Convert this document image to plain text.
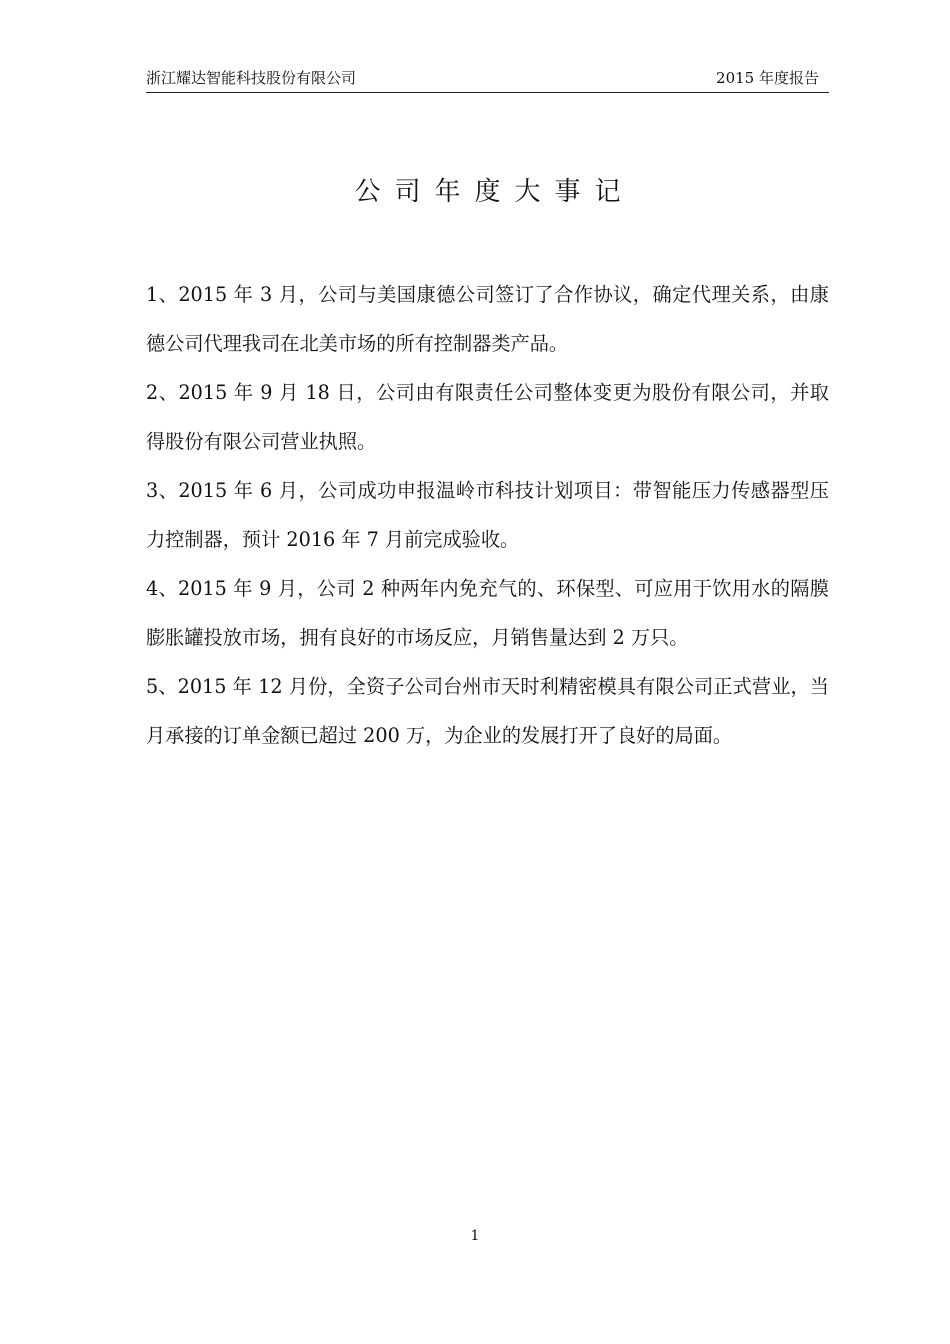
浙江耀达智能科技股份有限公司	2015 年度报告
公司年度大事记

1、2015 年 3 月，公司与美国康德公司签订了合作协议，确定代理关系，由康德公司代理我司在北美市场的所有控制器类产品。

2、2015 年 9 月 18 日，公司由有限责任公司整体变更为股份有限公司，并取得股份有限公司营业执照。

3、2015 年 6 月，公司成功申报温岭市科技计划项目：带智能压力传感器型压力控制器，预计 2016 年 7 月前完成验收。

4、2015 年 9 月，公司 2 种两年内免充气的、环保型、可应用于饮用水的隔膜膨胀罐投放市场，拥有良好的市场反应，月销售量达到 2 万只。

5、2015 年 12 月份，全资子公司台州市天时利精密模具有限公司正式营业，当月承接的订单金额已超过 200 万，为企业的发展打开了良好的局面。

1
